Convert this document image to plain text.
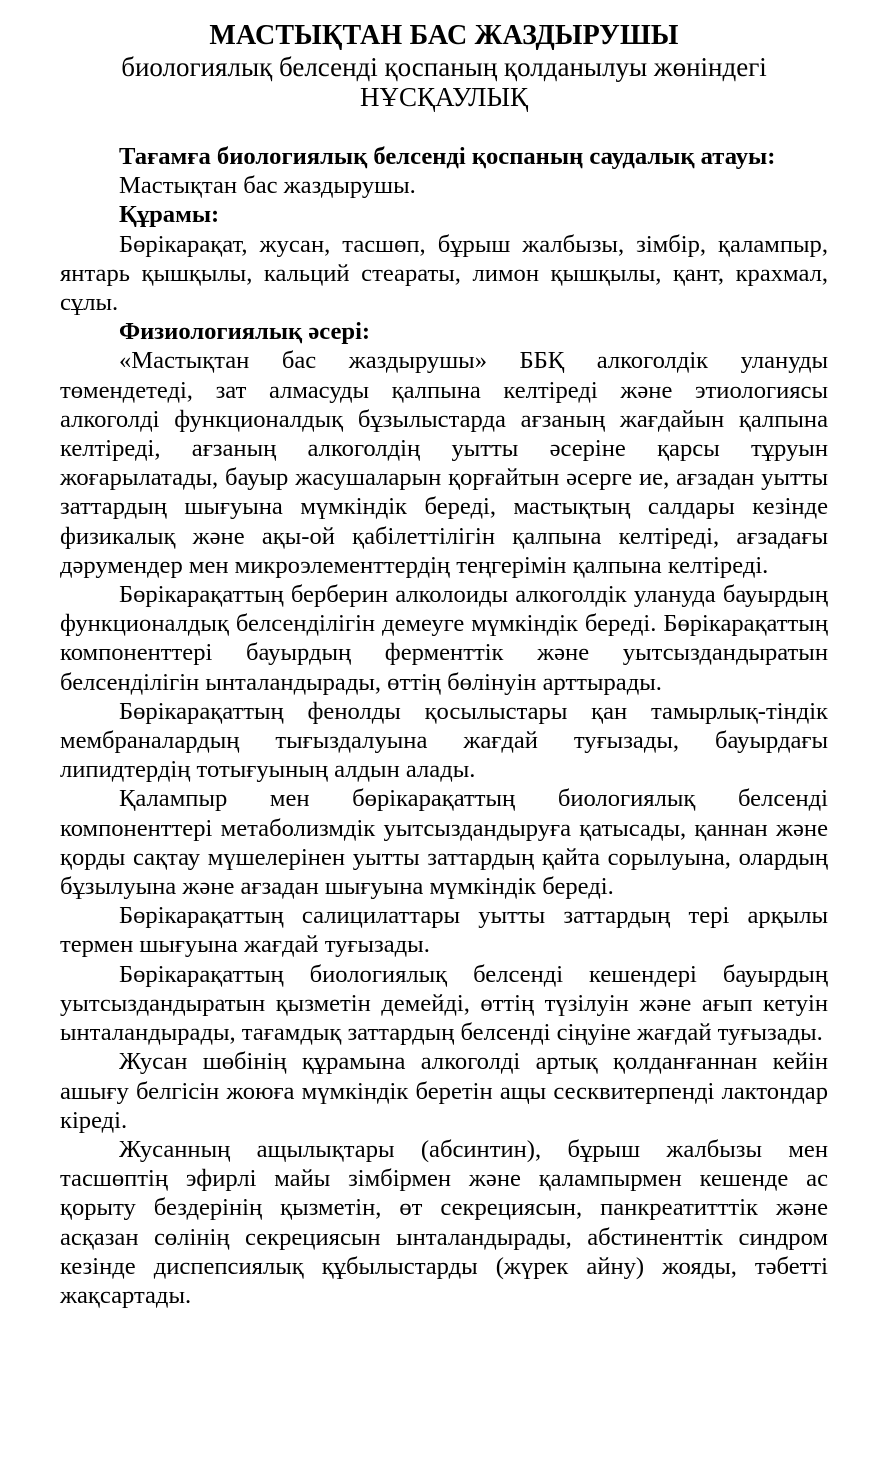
МАСТЫҚТАН БАС ЖАЗДЫРУШЫ

биологиялық белсенді қоспаның қолданылуы жөніндегі

НҰСҚАУЛЫҚ

Тағамға биологиялық белсенді қоспаның саудалық атауы:

Мастықтан бас жаздырушы.

Құрамы:

Бөрікарақат, жусан, тасшөп, бұрыш жалбызы, зімбір, қалампыр, янтарь қышқылы, кальций стеараты, лимон қышқылы, қант, крахмал, сұлы.

Физиологиялық әсері:

«Мастықтан бас жаздырушы» ББҚ алкоголдік улануды төмендетеді, зат алмасуды қалпына келтіреді және этиологиясы алкоголді функционалдық бұзылыстарда ағзаның жағдайын қалпына келтіреді, ағзаның алкоголдің уытты әсеріне қарсы тұруын жоғарылатады, бауыр жасушаларын қорғайтын әсерге ие, ағзадан уытты заттардың шығуына мүмкіндік береді, мастықтың салдары кезінде физикалық және ақы-ой қабілеттілігін қалпына келтіреді, ағзадағы дәрумендер мен микроэлементтердің теңгерімін қалпына келтіреді.

Бөрікарақаттың берберин алколоиды алкоголдік улануда бауырдың функционалдық белсенділігін демеуге мүмкіндік береді. Бөрікарақаттың компоненттері бауырдың ферменттік және уытсыздандыратын белсенділігін ынталандырады, өттің бөлінуін арттырады.

Бөрікарақаттың фенолды қосылыстары қан тамырлық-тіндік мембраналардың тығыздалуына жағдай туғызады, бауырдағы липидтердің тотығуының алдын алады.

Қалампыр мен бөрікарақаттың биологиялық белсенді компоненттері метаболизмдік уытсыздандыруға қатысады, қаннан және қорды сақтау мүшелерінен уытты заттардың қайта сорылуына, олардың бұзылуына және ағзадан шығуына мүмкіндік береді.

Бөрікарақаттың салицилаттары уытты заттардың тері арқылы термен шығуына жағдай туғызады.

Бөрікарақаттың биологиялық белсенді кешендері бауырдың уытсыздандыратын қызметін демейді, өттің түзілуін және ағып кетуін ынталандырады, тағамдық заттардың белсенді сіңуіне жағдай туғызады.

Жусан шөбінің құрамына алкоголді артық қолданғаннан кейін ашығу белгісін жоюға мүмкіндік беретін ащы сесквитерпенді лактондар кіреді.

Жусанның ащылықтары (абсинтин), бұрыш жалбызы мен тасшөптің эфирлі майы зімбірмен және қалампырмен кешенде ас қорыту бездерінің қызметін, өт секрециясын, панкреатитттік және асқазан сөлінің секрециясын ынталандырады, абстиненттік синдром кезінде диспепсиялық құбылыстарды (жүрек айну) жояды, тәбетті жақсартады.
